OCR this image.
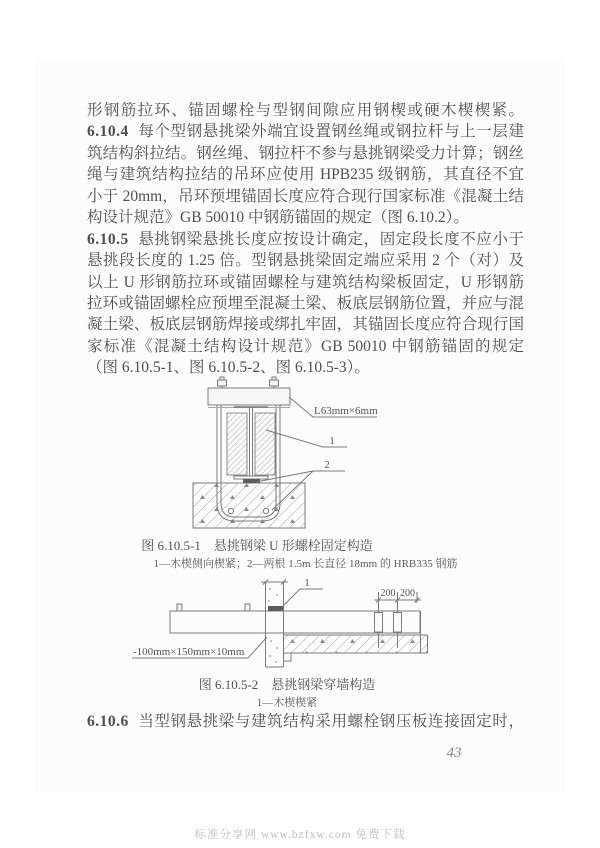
形钢筋拉环、锚固螺栓与型钢间隙应用钢楔或硬木楔楔紧。
6.10.4 每个型钢悬挑梁外端宜设置钢丝绳或钢拉杆与上一层建
筑结构斜拉结。钢丝绳、钢拉杆不参与悬挑钢梁受力计算；钢丝
绳与建筑结构拉结的吊环应使用 HPB235 级钢筋，其直径不宜
小于 20mm，吊环预埋锚固长度应符合现行国家标准《混凝土结
构设计规范》GB 50010 中钢筋锚固的规定（图 6.10.2）。
6.10.5 悬挑钢梁悬挑长度应按设计确定，固定段长度不应小于
悬挑段长度的 1.25 倍。型钢悬挑梁固定端应采用 2 个（对）及
以上 U 形钢筋拉环或锚固螺栓与建筑结构梁板固定，U 形钢筋
拉环或锚固螺栓应预埋至混凝土梁、板底层钢筋位置，并应与混
凝土梁、板底层钢筋焊接或绑扎牢固，其锚固长度应符合现行国
家标准《混凝土结构设计规范》GB 50010 中钢筋锚固的规定
（图 6.10.5-1、图 6.10.5-2、图 6.10.5-3）。
L63mm×6mm
1
2
图 6.10.5-1　悬挑钢梁 U 形螺栓固定构造
1—木楔侧向楔紧；2—两根 1.5m 长直径 18mm 的 HRB335 钢筋
1
200 200
-100mm×150mm×10mm
图 6.10.5-2　悬挑钢梁穿墙构造
1—木楔楔紧
6.10.6 当型钢悬挑梁与建筑结构采用螺栓钢压板连接固定时，
43
标准分享网 www.bzfxw.com 免费下载
